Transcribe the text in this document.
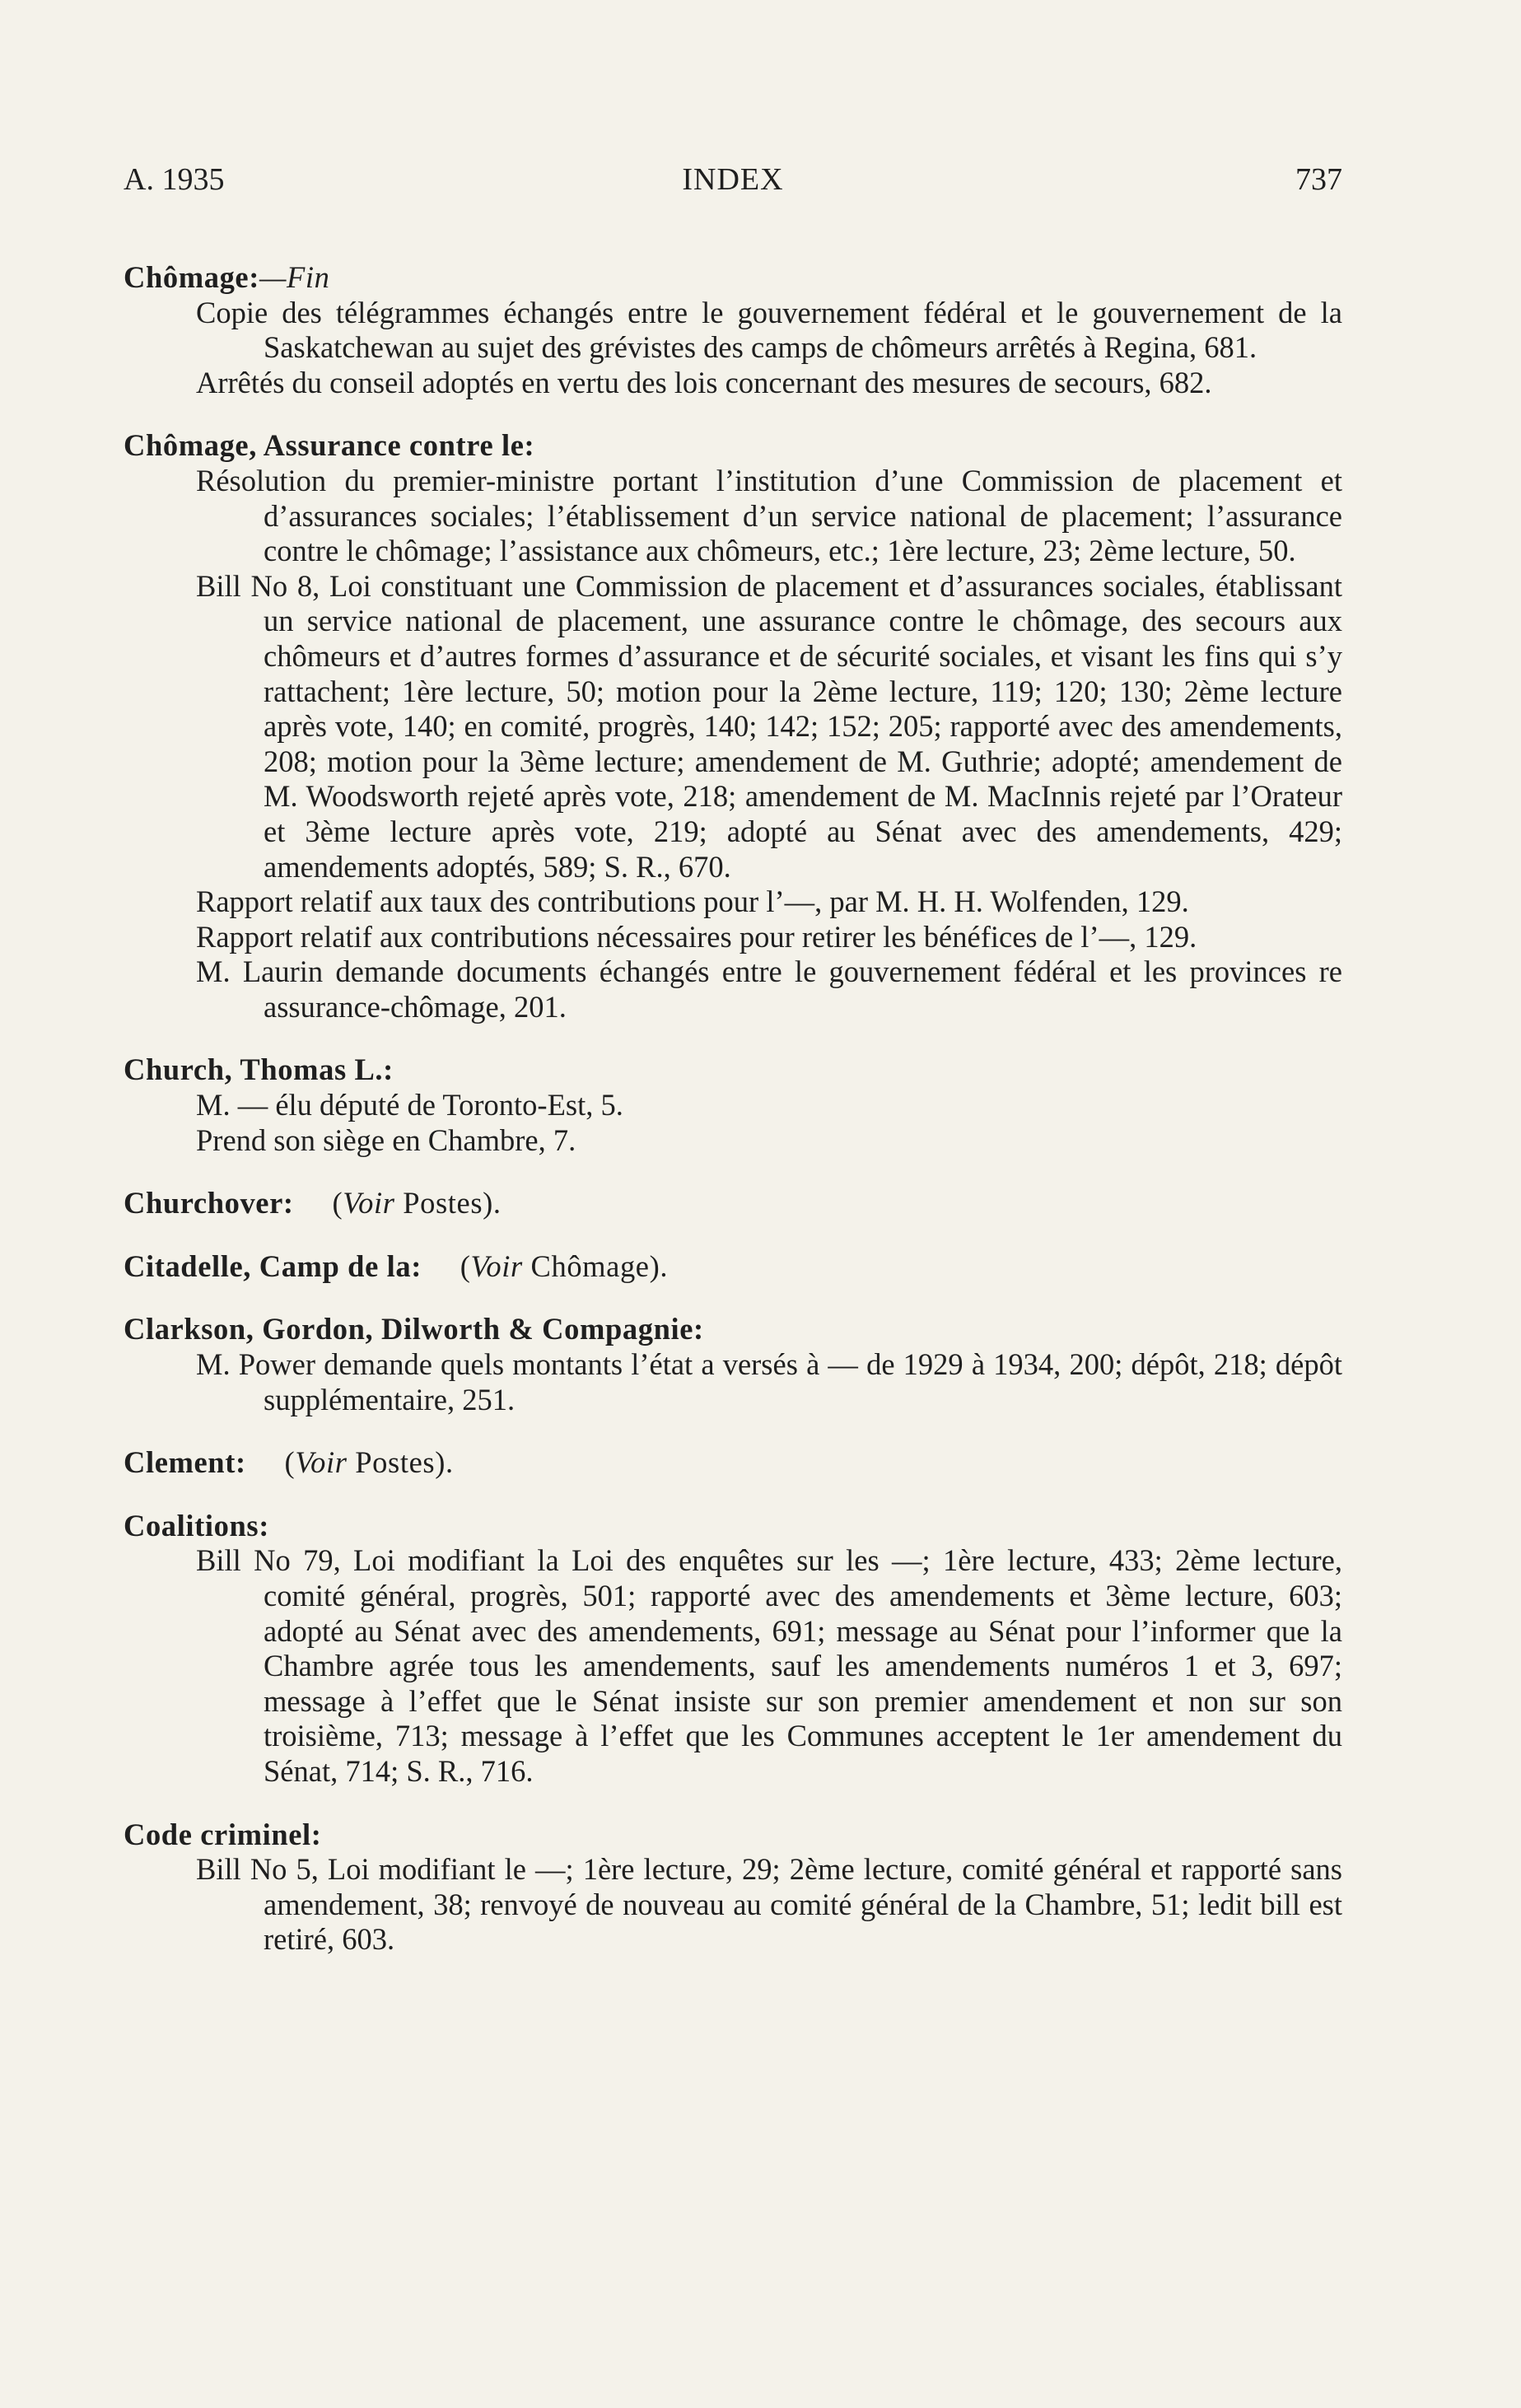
A. 1935	INDEX	737
Chômage:—Fin
Copie des télégrammes échangés entre le gouvernement fédéral et le gouvernement de la Saskatchewan au sujet des grévistes des camps de chômeurs arrêtés à Regina, 681.
Arrêtés du conseil adoptés en vertu des lois concernant des mesures de secours, 682.
Chômage, Assurance contre le:
Résolution du premier-ministre portant l’institution d’une Commission de placement et d’assurances sociales; l’établissement d’un service national de placement; l’assurance contre le chômage; l’assistance aux chômeurs, etc.; 1ère lecture, 23; 2ème lecture, 50.
Bill No 8, Loi constituant une Commission de placement et d’assurances sociales, établissant un service national de placement, une assurance contre le chômage, des secours aux chômeurs et d’autres formes d’assurance et de sécurité sociales, et visant les fins qui s’y rattachent; 1ère lecture, 50; motion pour la 2ème lecture, 119; 120; 130; 2ème lecture après vote, 140; en comité, progrès, 140; 142; 152; 205; rapporté avec des amendements, 208; motion pour la 3ème lecture; amendement de M. Guthrie; adopté; amendement de M. Woodsworth rejeté après vote, 218; amendement de M. MacInnis rejeté par l’Orateur et 3ème lecture après vote, 219; adopté au Sénat avec des amendements, 429; amendements adoptés, 589; S. R., 670.
Rapport relatif aux taux des contributions pour l’—, par M. H. H. Wolfenden, 129.
Rapport relatif aux contributions nécessaires pour retirer les bénéfices de l’—, 129.
M. Laurin demande documents échangés entre le gouvernement fédéral et les provinces re assurance-chômage, 201.
Church, Thomas L.:
M. — élu député de Toronto-Est, 5.
Prend son siège en Chambre, 7.
Churchover:  (Voir Postes).
Citadelle, Camp de la:  (Voir Chômage).
Clarkson, Gordon, Dilworth & Compagnie:
M. Power demande quels montants l’état a versés à — de 1929 à 1934, 200; dépôt, 218; dépôt supplémentaire, 251.
Clement:  (Voir Postes).
Coalitions:
Bill No 79, Loi modifiant la Loi des enquêtes sur les —; 1ère lecture, 433; 2ème lecture, comité général, progrès, 501; rapporté avec des amendements et 3ème lecture, 603; adopté au Sénat avec des amendements, 691; message au Sénat pour l’informer que la Chambre agrée tous les amendements, sauf les amendements numéros 1 et 3, 697; message à l’effet que le Sénat insiste sur son premier amendement et non sur son troisième, 713; message à l’effet que les Communes acceptent le 1er amendement du Sénat, 714; S. R., 716.
Code criminel:
Bill No 5, Loi modifiant le —; 1ère lecture, 29; 2ème lecture, comité général et rapporté sans amendement, 38; renvoyé de nouveau au comité général de la Chambre, 51; ledit bill est retiré, 603.
